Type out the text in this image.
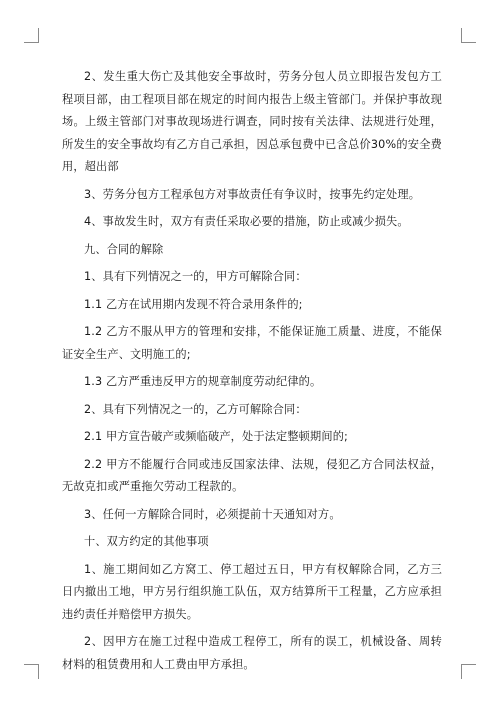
2、发生重大伤亡及其他安全事故时，劳务分包人员立即报告发包方工程项目部，由工程项目部在规定的时间内报告上级主管部门。并保护事故现场。上级主管部门对事故现场进行调查，同时按有关法律、法规进行处理，所发生的安全事故均有乙方自己承担，因总承包费中已含总价30%的安全费用，超出部

3、劳务分包方工程承包方对事故责任有争议时，按事先约定处理。

4、事故发生时，双方有责任采取必要的措施，防止或减少损失。

九、合同的解除

1、具有下列情况之一的，甲方可解除合同：

1.1 乙方在试用期内发现不符合录用条件的;

1.2 乙方不服从甲方的管理和安排，不能保证施工质量、进度，不能保证安全生产、文明施工的;

1.3 乙方严重违反甲方的规章制度劳动纪律的。

2、具有下列情况之一的，乙方可解除合同：

2.1 甲方宣告破产或频临破产，处于法定整顿期间的;

2.2 甲方不能履行合同或违反国家法律、法规，侵犯乙方合同法权益，无故克扣或严重拖欠劳动工程款的。

3、任何一方解除合同时，必须提前十天通知对方。

十、双方约定的其他事项

1、施工期间如乙方窝工、停工超过五日，甲方有权解除合同，乙方三日内撤出工地，甲方另行组织施工队伍，双方结算所干工程量，乙方应承担违约责任并赔偿甲方损失。

2、因甲方在施工过程中造成工程停工，所有的误工，机械设备、周转材料的租赁费用和人工费由甲方承担。
